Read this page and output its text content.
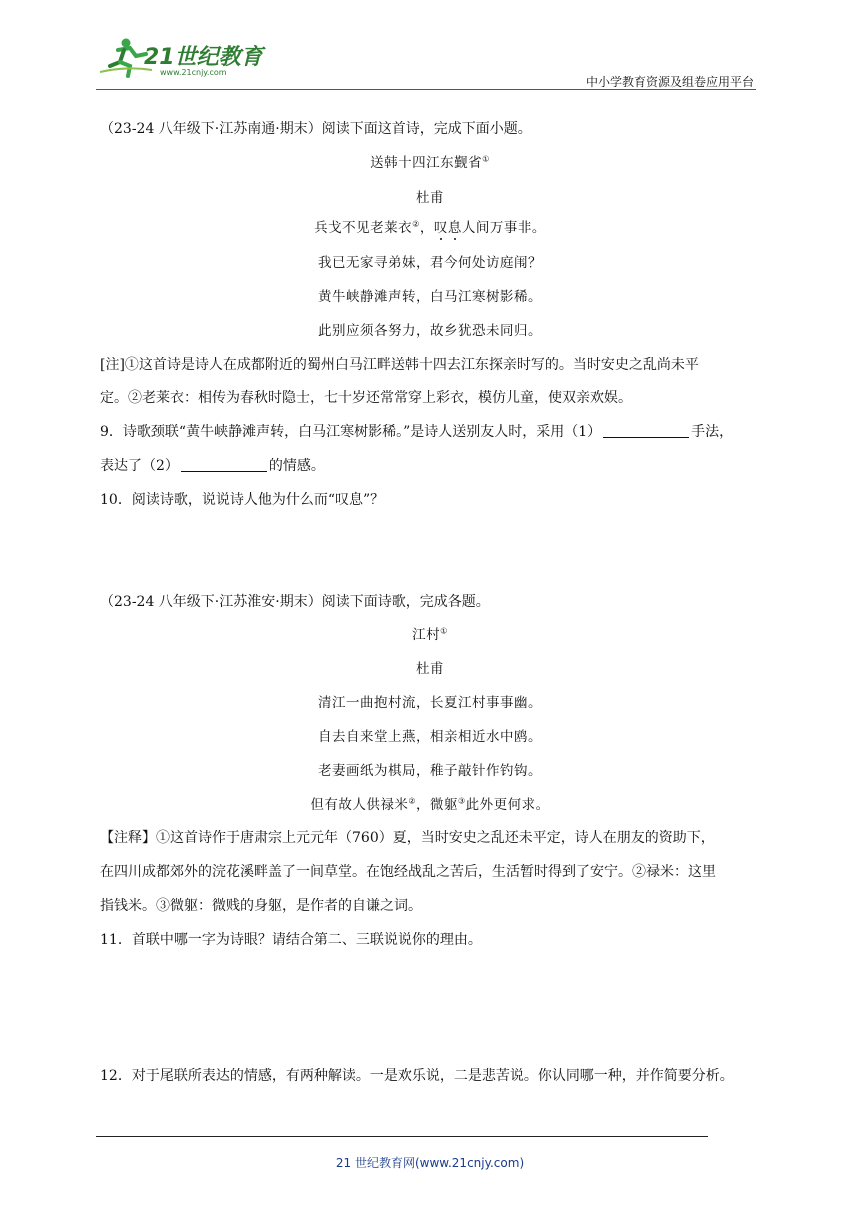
21世纪教育
www.21cnjy.com
中小学教育资源及组卷应用平台
（23-24 八年级下·江苏南通·期末）阅读下面这首诗，完成下面小题。
送韩十四江东觐省①
杜甫
兵戈不见老莱衣②，叹息人间万事非。
我已无家寻弟妹，君今何处访庭闱？
黄牛峡静滩声转，白马江寒树影稀。
此别应须各努力，故乡犹恐未同归。
[注]①这首诗是诗人在成都附近的蜀州白马江畔送韩十四去江东探亲时写的。当时安史之乱尚未平
定。②老莱衣：相传为春秋时隐士，七十岁还常常穿上彩衣，模仿儿童，使双亲欢娱。
9．诗歌颈联“黄牛峡静滩声转，白马江寒树影稀。”是诗人送别友人时，采用（1）	手法，
表达了（2）	的情感。
10．阅读诗歌，说说诗人他为什么而“叹息”？
（23-24 八年级下·江苏淮安·期末）阅读下面诗歌，完成各题。
江村①
杜甫
清江一曲抱村流，长夏江村事事幽。
自去自来堂上燕，相亲相近水中鸥。
老妻画纸为棋局，稚子敲针作钓钩。
但有故人供禄米②，微躯③此外更何求。
【注释】①这首诗作于唐肃宗上元元年（760）夏，当时安史之乱还未平定，诗人在朋友的资助下，
在四川成都郊外的浣花溪畔盖了一间草堂。在饱经战乱之苦后，生活暂时得到了安宁。②禄米：这里
指钱米。③微躯：微贱的身躯，是作者的自谦之词。
11．首联中哪一字为诗眼？请结合第二、三联说说你的理由。
12．对于尾联所表达的情感，有两种解读。一是欢乐说，二是悲苦说。你认同哪一种，并作简要分析。
21 世纪教育网(www.21cnjy.com)
